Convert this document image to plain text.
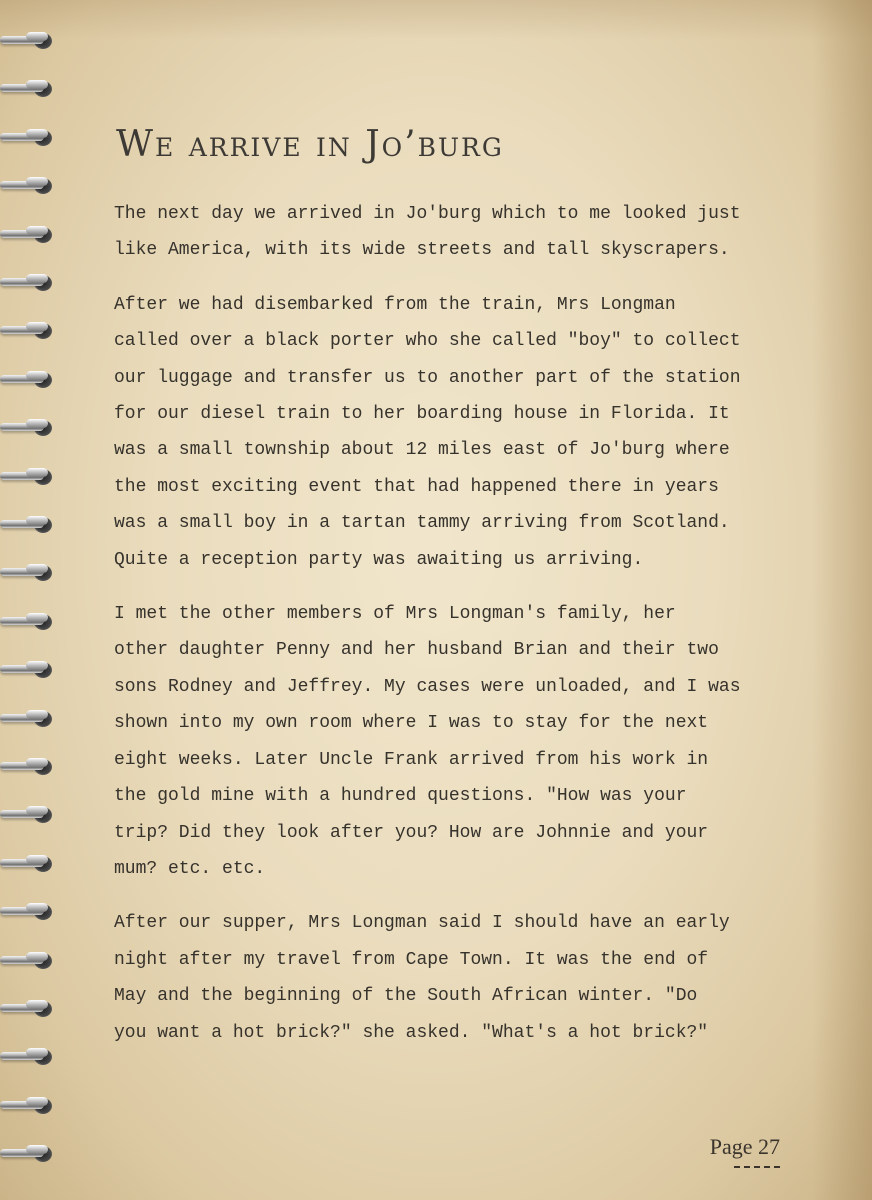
We arrive in Jo’burg

The next day we arrived in Jo'burg which to me looked just
like America, with its wide streets and tall skyscrapers.

After we had disembarked from the train, Mrs Longman
called over a black porter who she called "boy" to collect
our luggage and transfer us to another part of the station
for our diesel train to her boarding house in Florida. It
was a small township about 12 miles east of Jo'burg where
the most exciting event that had happened there in years
was a small boy in a tartan tammy arriving from Scotland.
Quite a reception party was awaiting us arriving.

I met the other members of Mrs Longman's family, her
other daughter Penny and her husband Brian and their two
sons Rodney and Jeffrey. My cases were unloaded, and I was
shown into my own room where I was to stay for the next
eight weeks. Later Uncle Frank arrived from his work in
the gold mine with a hundred questions. "How was your
trip? Did they look after you? How are Johnnie and your
mum? etc. etc.

After our supper, Mrs Longman said I should have an early
night after my travel from Cape Town. It was the end of
May and the beginning of the South African winter. "Do
you want a hot brick?" she asked. "What's a hot brick?"

Page 27
